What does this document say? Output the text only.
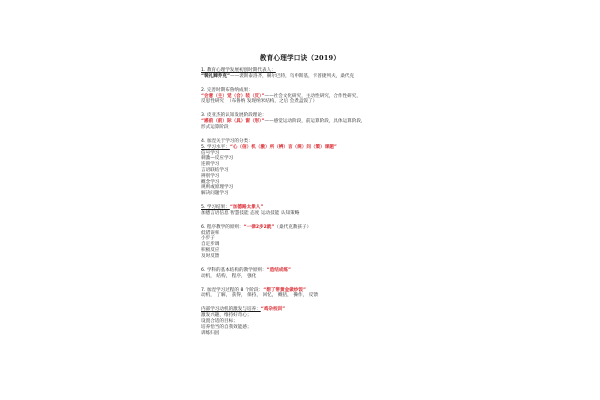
教育心理学口诀（2019）
1. 教育心理学发展初创时期代表人：
“裴礼蹄乔克”——裴斯泰洛齐，赫尔巴特，乌申斯基，卡普捷列夫，桑代克
2. 完善时期布鲁纳成果：
“会意（主）觉（合）装（反）”——社会文化研究，主动性研究，合作性研究，
反思性研究 （布鲁纳 发现纳米结构，之后 会煮盒饭了）
3. 皮亚杰的认知发展阶段理论：
“感前（前）际（具）窗（形）”——感觉运动阶段，前运算阶段，具体运算阶段，
形式运算阶段
4. 加涅关于学习的分类：
5. 学习水平：“心（信）机（激）所（辨）言（规）问（策）课题”
信号学习
刺激—反应学习
连锁学习
言语联结学习
辨别学习
概念学习
规则或原理学习
解决问题学习
5. 学习结果：“加德路太象人”
加德言语信息 智慧技能 态度 运动技能 认知策略
6. 程序教学的原则：“一律2步2就”（桑代克教孩子）
低错误率
小步子
自定步调
积极反应
及时反馈
6. 学科的基本结构的教学原则：“造结成练”
动机， 结构， 程序， 强化
7. 加涅学习过程的 8 个阶段：“想了带黄金做炒饭”
动机， 了解， 获得， 保持， 回忆， 概括， 操作， 反馈
内部学习动机的激发与培养：“鸡杂校训”
激发兴趣，维持好奇心；
设置合适的目标；
培养恰当的自我效能感；
训练归因
